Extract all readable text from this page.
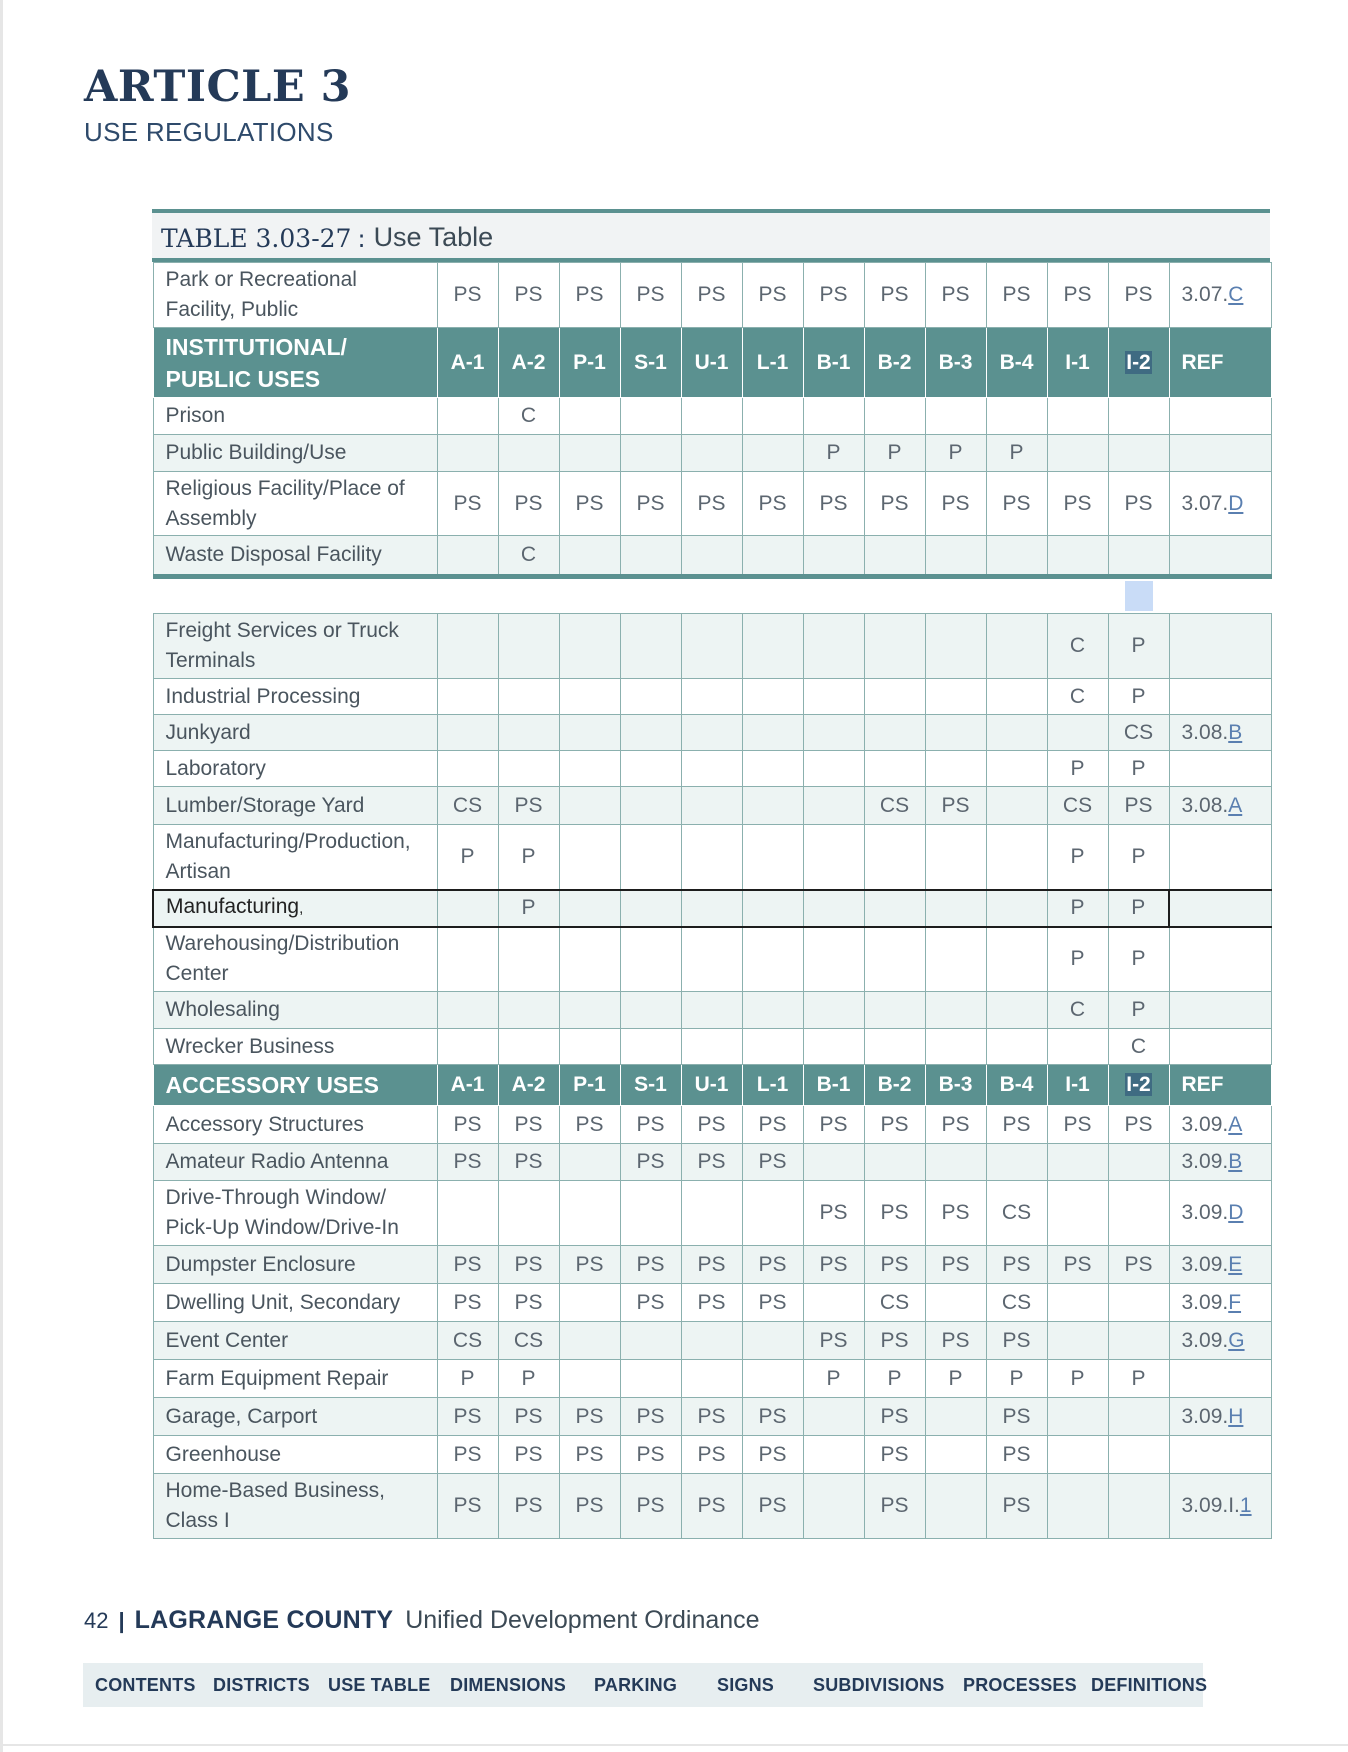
ARTICLE 3
USE REGULATIONS
TABLE 3.03-27 : Use Table
Park or Recreational
Facility, Public	PS	PS	PS	PS	PS	PS	PS	PS	PS	PS	PS	PS	3.07.C
INSTITUTIONAL/
PUBLIC USES	A-1	A-2	P-1	S-1	U-1	L-1	B-1	B-2	B-3	B-4	I-1	I-2	REF
Prison		C											
Public Building/Use							P	P	P	P			
Religious Facility/Place of
Assembly	PS	PS	PS	PS	PS	PS	PS	PS	PS	PS	PS	PS	3.07.D
Waste Disposal Facility		C											

Freight Services or Truck
Terminals											C	P	
Industrial Processing											C	P	
Junkyard												CS	3.08.B
Laboratory											P	P	
Lumber/Storage Yard	CS	PS						CS	PS		CS	PS	3.08.A
Manufacturing/Production,
Artisan	P	P									P	P	
Manufacturing,		P									P	P	
Warehousing/Distribution
Center											P	P	
Wholesaling											C	P	
Wrecker Business												C	
ACCESSORY USES	A-1	A-2	P-1	S-1	U-1	L-1	B-1	B-2	B-3	B-4	I-1	I-2	REF
Accessory Structures	PS	PS	PS	PS	PS	PS	PS	PS	PS	PS	PS	PS	3.09.A
Amateur Radio Antenna	PS	PS		PS	PS	PS							3.09.B
Drive-Through Window/
Pick-Up Window/Drive-In							PS	PS	PS	CS			3.09.D
Dumpster Enclosure	PS	PS	PS	PS	PS	PS	PS	PS	PS	PS	PS	PS	3.09.E
Dwelling Unit, Secondary	PS	PS		PS	PS	PS		CS		CS			3.09.F
Event Center	CS	CS					PS	PS	PS	PS			3.09.G
Farm Equipment Repair	P	P					P	P	P	P	P	P	
Garage, Carport	PS	PS	PS	PS	PS	PS		PS		PS			3.09.H
Greenhouse	PS	PS	PS	PS	PS	PS		PS		PS			
Home-Based Business,
Class I	PS	PS	PS	PS	PS	PS		PS		PS			3.09.I.1
42 | LAGRANGE COUNTY Unified Development Ordinance
CONTENTS DISTRICTS USE TABLE DIMENSIONS PARKING SIGNS SUBDIVISIONS PROCESSES DEFINITIONS
